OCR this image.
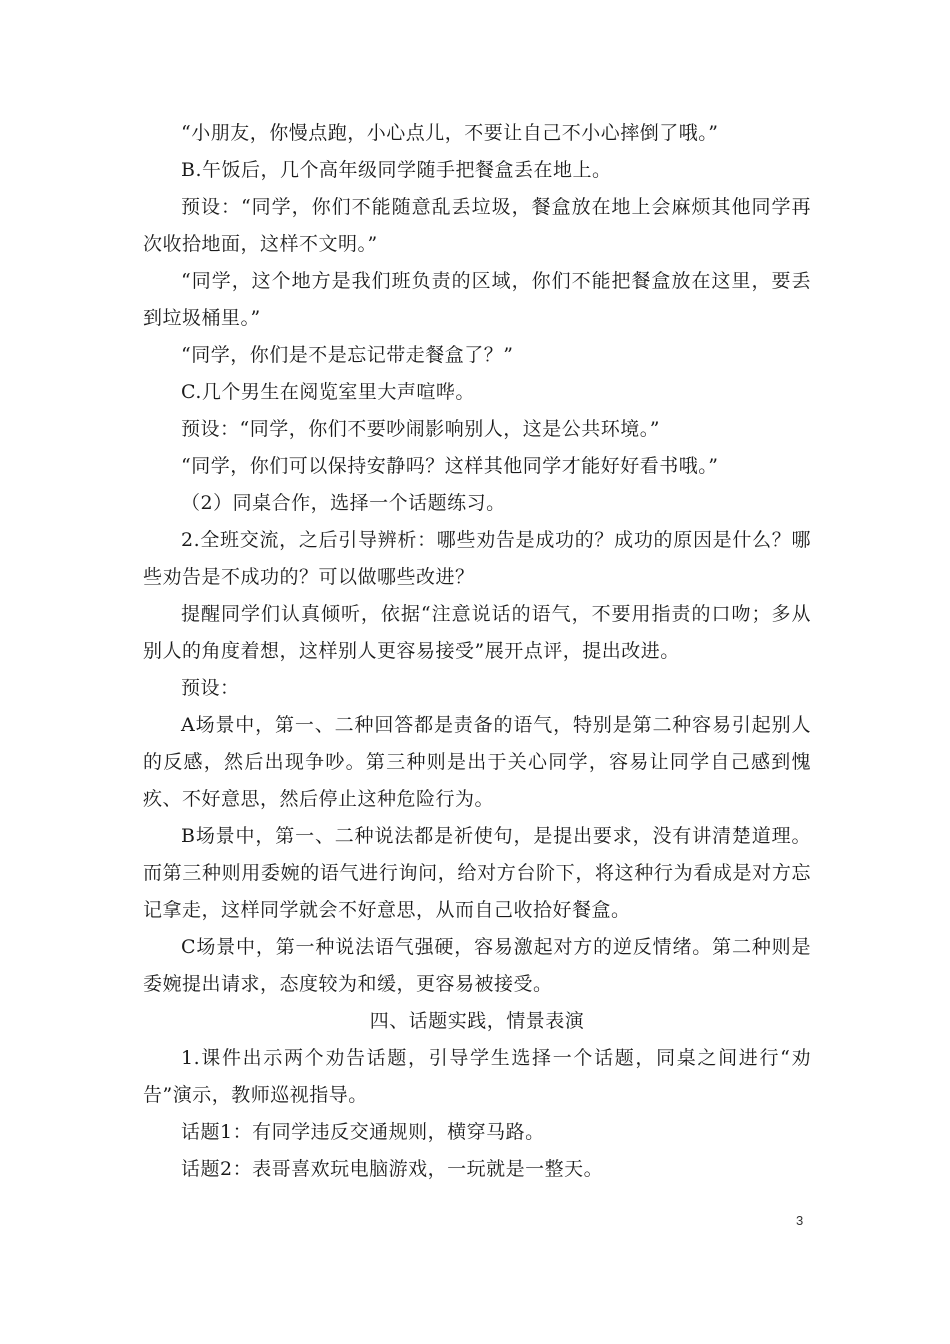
“小朋友，你慢点跑，小心点儿，不要让自己不小心摔倒了哦。”

B.午饭后，几个高年级同学随手把餐盒丢在地上。

预设：“同学，你们不能随意乱丢垃圾，餐盒放在地上会麻烦其他同学再次收拾地面，这样不文明。”

“同学，这个地方是我们班负责的区域，你们不能把餐盒放在这里，要丢到垃圾桶里。”

“同学，你们是不是忘记带走餐盒了？”

C.几个男生在阅览室里大声喧哗。

预设：“同学，你们不要吵闹影响别人，这是公共环境。”

“同学，你们可以保持安静吗？这样其他同学才能好好看书哦。”

（2）同桌合作，选择一个话题练习。

2.全班交流，之后引导辨析：哪些劝告是成功的？成功的原因是什么？哪些劝告是不成功的？可以做哪些改进？

提醒同学们认真倾听，依据“注意说话的语气，不要用指责的口吻；多从别人的角度着想，这样别人更容易接受”展开点评，提出改进。

预设：

A场景中，第一、二种回答都是责备的语气，特别是第二种容易引起别人的反感，然后出现争吵。第三种则是出于关心同学，容易让同学自己感到愧疚、不好意思，然后停止这种危险行为。

B场景中，第一、二种说法都是祈使句，是提出要求，没有讲清楚道理。而第三种则用委婉的语气进行询问，给对方台阶下，将这种行为看成是对方忘记拿走，这样同学就会不好意思，从而自己收拾好餐盒。

C场景中，第一种说法语气强硬，容易激起对方的逆反情绪。第二种则是委婉提出请求，态度较为和缓，更容易被接受。

四、话题实践，情景表演

1.课件出示两个劝告话题，引导学生选择一个话题，同桌之间进行“劝告”演示，教师巡视指导。

话题1：有同学违反交通规则，横穿马路。

话题2：表哥喜欢玩电脑游戏，一玩就是一整天。

3
